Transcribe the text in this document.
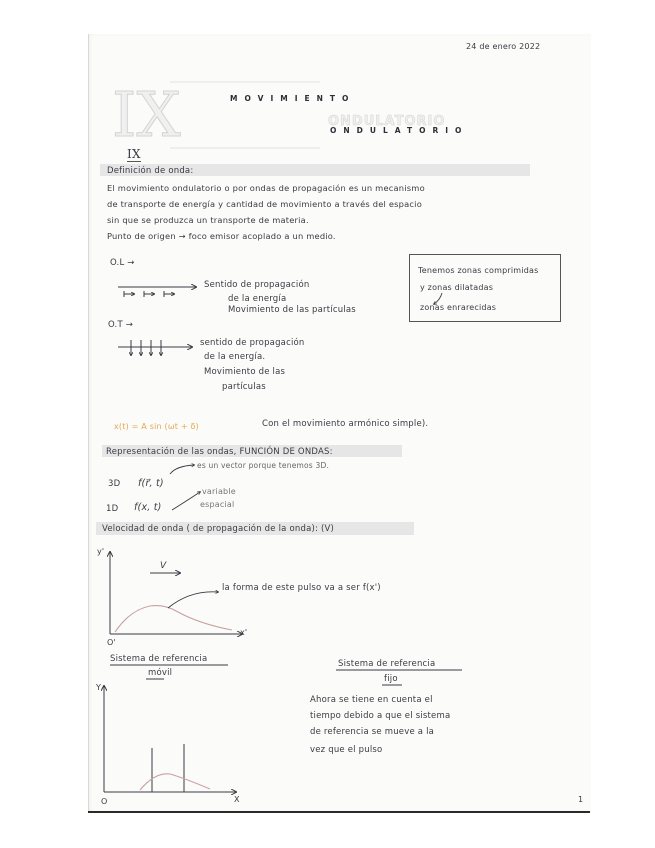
24 de enero 2022
IX	MOVIMIENTO
ONDULATORIO
ONDULATORIO
IX
Definición de onda:
El movimiento ondulatorio o por ondas de propagación es un mecanismo
de transporte de energía y cantidad de movimiento a través del espacio
sin que se produzca un transporte de materia.
Punto de origen → foco emisor acoplado a un medio.
O.L →
Sentido de propagación
de la energía
Movimiento de las partículas
Tenemos zonas comprimidas
y zonas dilatadas
zonas enrarecidas
O.T →
sentido de propagación
de la energía.
Movimiento de las
partículas
x(t) = A sin (ωt + δ)	Con el movimiento armónico simple).
Representación de las ondas, FUNCIÓN DE ONDAS:
es un vector porque tenemos 3D.
3D f(r⃗, t)
1D f(x, t)
variable
espacial
Velocidad de onda ( de propagación de la onda): (V)
y'
O'
x'
V
la forma de este pulso va a ser f(x')
Sistema de referencia
móvil
Sistema de referencia
fijo
Y
O	X
Ahora se tiene en cuenta el
tiempo debido a que el sistema
de referencia se mueve a la
vez que el pulso
1
